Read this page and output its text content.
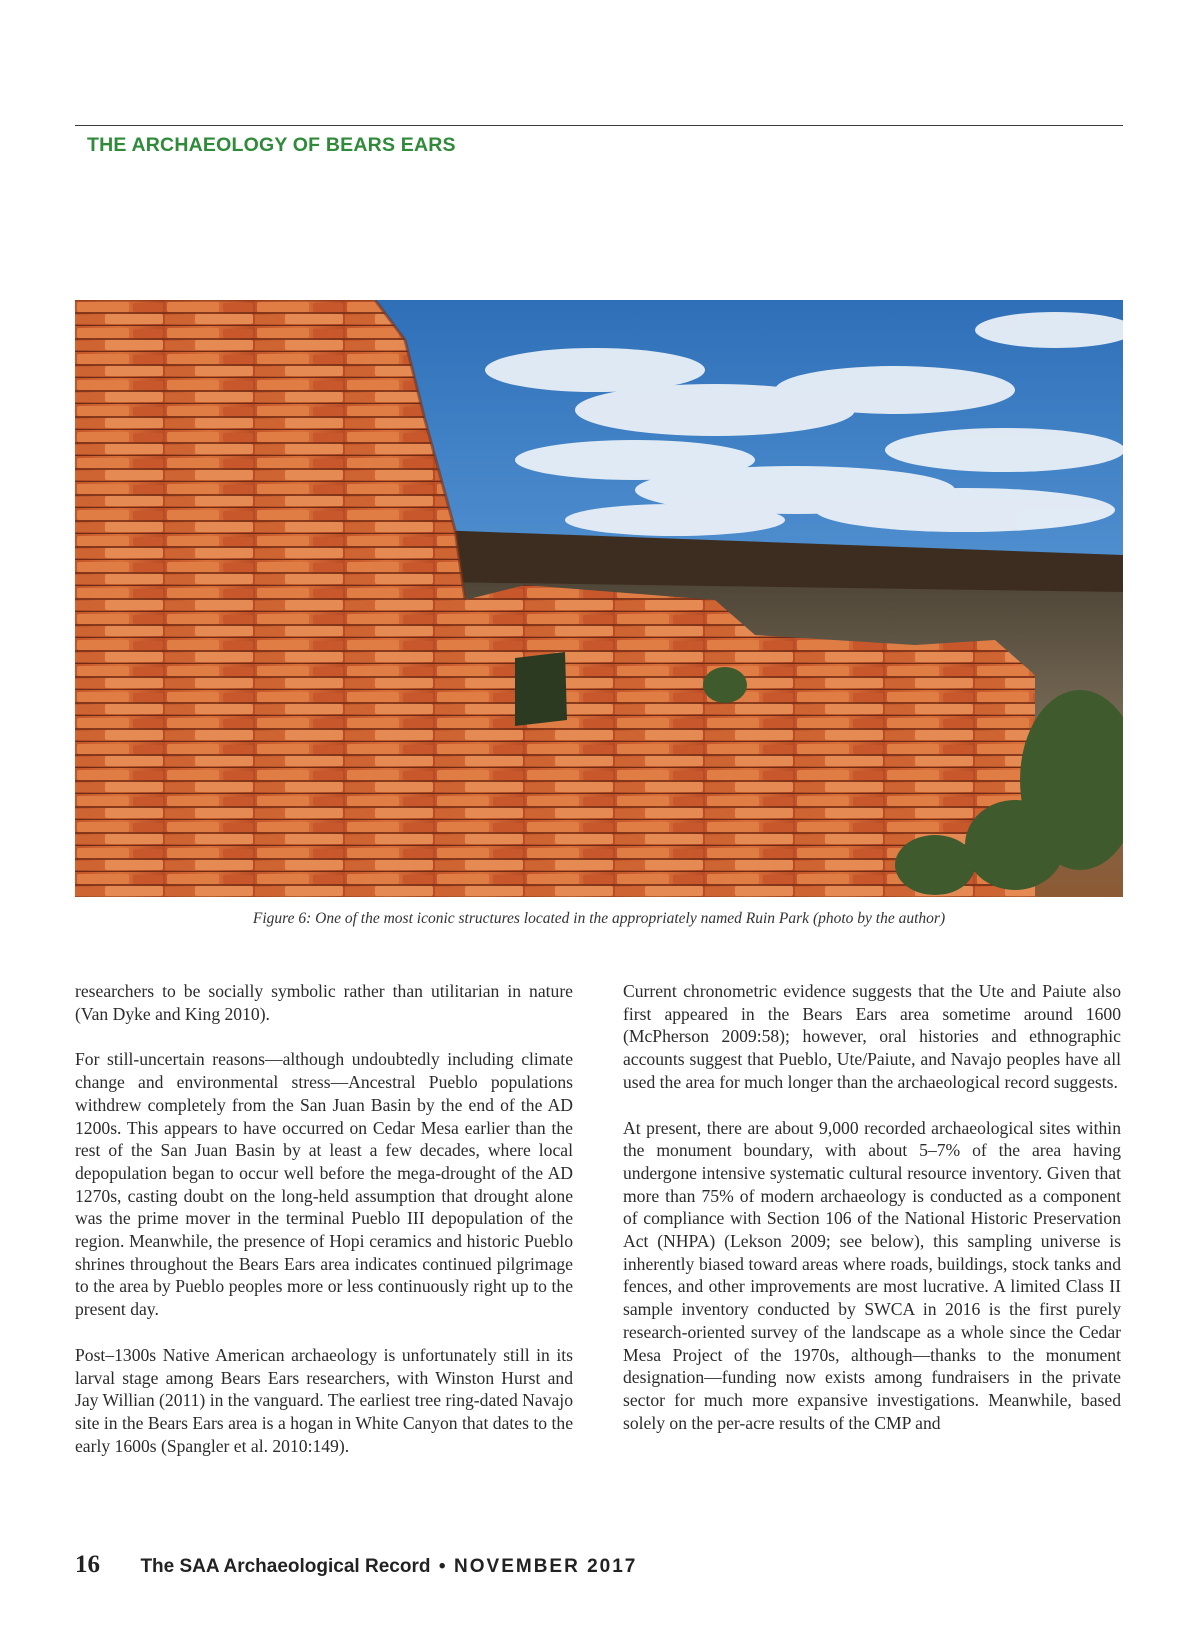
THE ARCHAEOLOGY OF BEARS EARS
Figure 6: One of the most iconic structures located in the appropriately named Ruin Park (photo by the author)

researchers to be socially symbolic rather than utilitarian in nature (Van Dyke and King 2010).

For still-uncertain reasons—although undoubtedly including climate change and environmental stress—Ancestral Pueblo populations withdrew completely from the San Juan Basin by the end of the AD 1200s. This appears to have occurred on Cedar Mesa earlier than the rest of the San Juan Basin by at least a few decades, where local depopulation began to occur well before the mega-drought of the AD 1270s, casting doubt on the long-held assumption that drought alone was the prime mover in the terminal Pueblo III depopulation of the region. Meanwhile, the presence of Hopi ceramics and historic Pueblo shrines throughout the Bears Ears area indicates continued pilgrimage to the area by Pueblo peoples more or less continuously right up to the present day.

Post–1300s Native American archaeology is unfortunately still in its larval stage among Bears Ears researchers, with Winston Hurst and Jay Willian (2011) in the vanguard. The earliest tree ring-dated Navajo site in the Bears Ears area is a hogan in White Canyon that dates to the early 1600s (Spangler et al. 2010:149).

Current chronometric evidence suggests that the Ute and Paiute also first appeared in the Bears Ears area sometime around 1600 (McPherson 2009:58); however, oral histories and ethnographic accounts suggest that Pueblo, Ute/Paiute, and Navajo peoples have all used the area for much longer than the archaeological record suggests.

At present, there are about 9,000 recorded archaeological sites within the monument boundary, with about 5–7% of the area having undergone intensive systematic cultural resource inventory. Given that more than 75% of modern archaeology is conducted as a component of compliance with Section 106 of the National Historic Preservation Act (NHPA) (Lekson 2009; see below), this sampling universe is inherently biased toward areas where roads, buildings, stock tanks and fences, and other improvements are most lucrative. A limited Class II sample inventory conducted by SWCA in 2016 is the first purely research-oriented survey of the landscape as a whole since the Cedar Mesa Project of the 1970s, although—thanks to the monument designation—funding now exists among fundraisers in the private sector for much more expansive investigations. Meanwhile, based solely on the per-acre results of the CMP and

16 The SAA Archaeological Record • NOVEMBER 2017
